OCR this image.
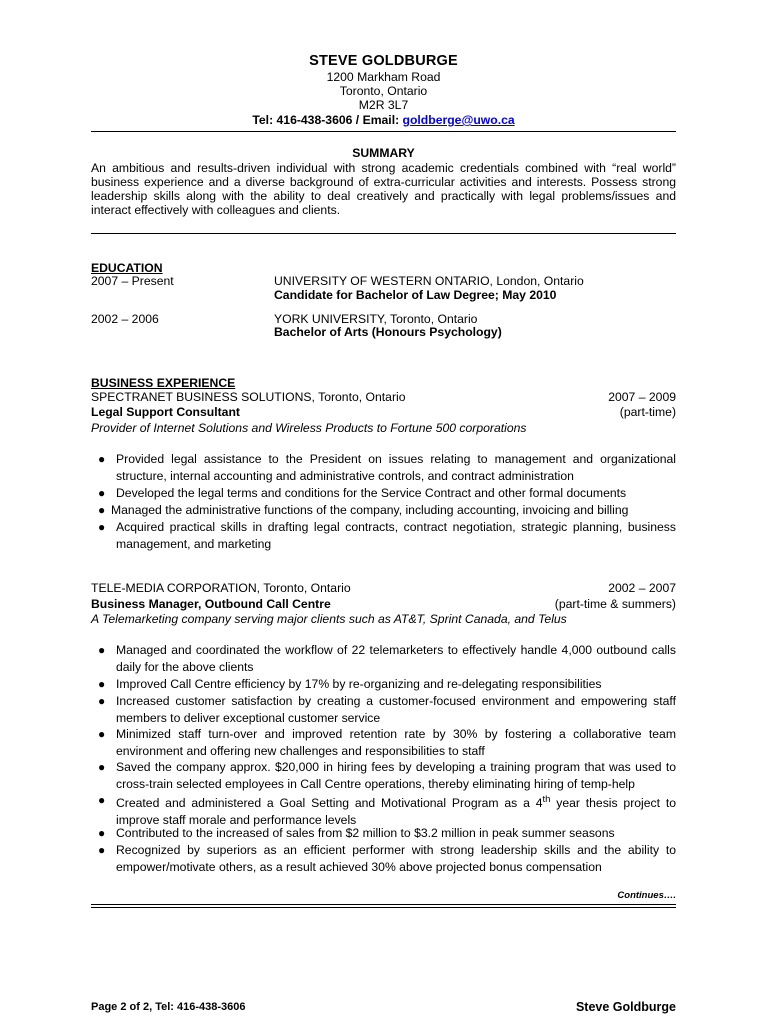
STEVE GOLDBURGE
1200 Markham Road
Toronto, Ontario
M2R 3L7
Tel: 416-438-3606 / Email: goldberge@uwo.ca
SUMMARY
An ambitious and results-driven individual with strong academic credentials combined with “real world” business experience and a diverse background of extra-curricular activities and interests. Possess strong leadership skills along with the ability to deal creatively and practically with legal problems/issues and interact effectively with colleagues and clients.
EDUCATION
2007 – Present	UNIVERSITY OF WESTERN ONTARIO, London, Ontario
Candidate for Bachelor of Law Degree; May 2010
2002 – 2006	YORK UNIVERSITY, Toronto, Ontario
Bachelor of Arts (Honours Psychology)
BUSINESS EXPERIENCE
SPECTRANET BUSINESS SOLUTIONS, Toronto, Ontario	2007 – 2009
Legal Support Consultant	(part-time)
Provider of Internet Solutions and Wireless Products to Fortune 500 corporations
● Provided legal assistance to the President on issues relating to management and organizational structure, internal accounting and administrative controls, and contract administration
● Developed the legal terms and conditions for the Service Contract and other formal documents
● Managed the administrative functions of the company, including accounting, invoicing and billing
● Acquired practical skills in drafting legal contracts, contract negotiation, strategic planning, business management, and marketing
TELE-MEDIA CORPORATION, Toronto, Ontario	2002 – 2007
Business Manager, Outbound Call Centre	(part-time & summers)
A Telemarketing company serving major clients such as AT&T, Sprint Canada, and Telus
● Managed and coordinated the workflow of 22 telemarketers to effectively handle 4,000 outbound calls daily for the above clients
● Improved Call Centre efficiency by 17% by re-organizing and re-delegating responsibilities
● Increased customer satisfaction by creating a customer-focused environment and empowering staff members to deliver exceptional customer service
● Minimized staff turn-over and improved retention rate by 30% by fostering a collaborative team environment and offering new challenges and responsibilities to staff
● Saved the company approx. $20,000 in hiring fees by developing a training program that was used to cross-train selected employees in Call Centre operations, thereby eliminating hiring of temp-help
● Created and administered a Goal Setting and Motivational Program as a 4th year thesis project to improve staff morale and performance levels
● Contributed to the increased of sales from $2 million to $3.2 million in peak summer seasons
● Recognized by superiors as an efficient performer with strong leadership skills and the ability to empower/motivate others, as a result achieved 30% above projected bonus compensation
Continues….
Page 2 of 2, Tel: 416-438-3606	Steve Goldburge
